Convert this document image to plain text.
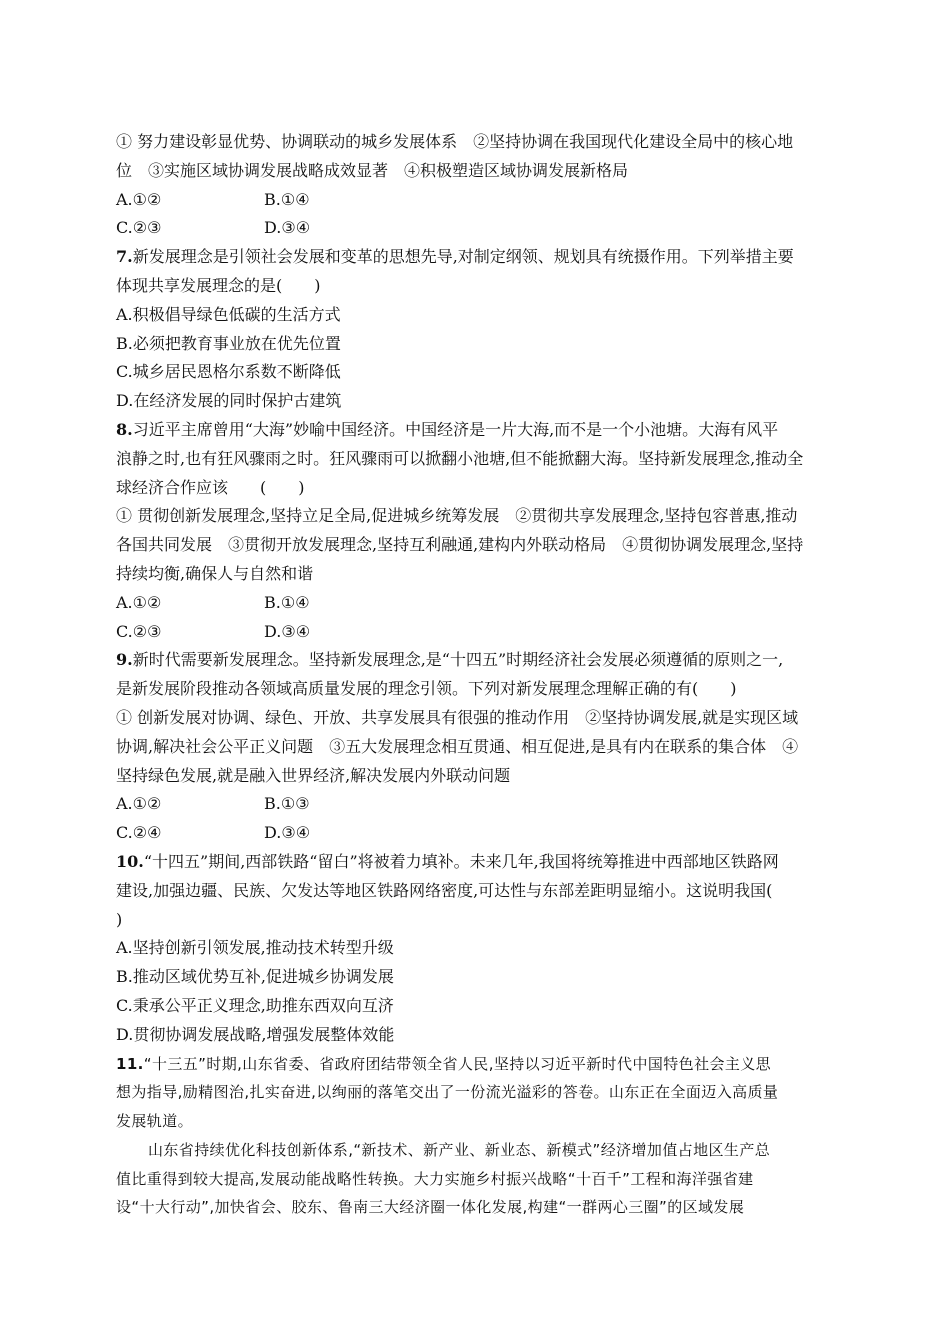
① 努力建设彰显优势、协调联动的城乡发展体系　②坚持协调在我国现代化建设全局中的核心地
位　③实施区域协调发展战略成效显著　④积极塑造区域协调发展新格局
A.①②	B.①④
C.②③	D.③④
7.新发展理念是引领社会发展和变革的思想先导,对制定纲领、规划具有统摄作用。下列举措主要
体现共享发展理念的是(　　)
A.积极倡导绿色低碳的生活方式
B.必须把教育事业放在优先位置
C.城乡居民恩格尔系数不断降低
D.在经济发展的同时保护古建筑
8.习近平主席曾用“大海”妙喻中国经济。中国经济是一片大海,而不是一个小池塘。大海有风平
浪静之时,也有狂风骤雨之时。狂风骤雨可以掀翻小池塘,但不能掀翻大海。坚持新发展理念,推动全
球经济合作应该　　(　　)
① 贯彻创新发展理念,坚持立足全局,促进城乡统筹发展　②贯彻共享发展理念,坚持包容普惠,推动
各国共同发展　③贯彻开放发展理念,坚持互利融通,建构内外联动格局　④贯彻协调发展理念,坚持
持续均衡,确保人与自然和谐
A.①②	B.①④
C.②③	D.③④
9.新时代需要新发展理念。坚持新发展理念,是“十四五”时期经济社会发展必须遵循的原则之一,
是新发展阶段推动各领域高质量发展的理念引领。下列对新发展理念理解正确的有(　　)
① 创新发展对协调、绿色、开放、共享发展具有很强的推动作用　②坚持协调发展,就是实现区域
协调,解决社会公平正义问题　③五大发展理念相互贯通、相互促进,是具有内在联系的集合体　④
坚持绿色发展,就是融入世界经济,解决发展内外联动问题
A.①②	B.①③
C.②④	D.③④
10.“十四五”期间,西部铁路“留白”将被着力填补。未来几年,我国将统筹推进中西部地区铁路网
建设,加强边疆、民族、欠发达等地区铁路网络密度,可达性与东部差距明显缩小。这说明我国(
)
A.坚持创新引领发展,推动技术转型升级
B.推动区域优势互补,促进城乡协调发展
C.秉承公平正义理念,助推东西双向互济
D.贯彻协调发展战略,增强发展整体效能
11.“十三五”时期,山东省委、省政府团结带领全省人民,坚持以习近平新时代中国特色社会主义思
想为指导,励精图治,扎实奋进,以绚丽的落笔交出了一份流光溢彩的答卷。山东正在全面迈入高质量
发展轨道。
山东省持续优化科技创新体系,“新技术、新产业、新业态、新模式”经济增加值占地区生产总
值比重得到较大提高,发展动能战略性转换。大力实施乡村振兴战略“十百千”工程和海洋强省建
设“十大行动”,加快省会、胶东、鲁南三大经济圈一体化发展,构建“一群两心三圈”的区域发展
